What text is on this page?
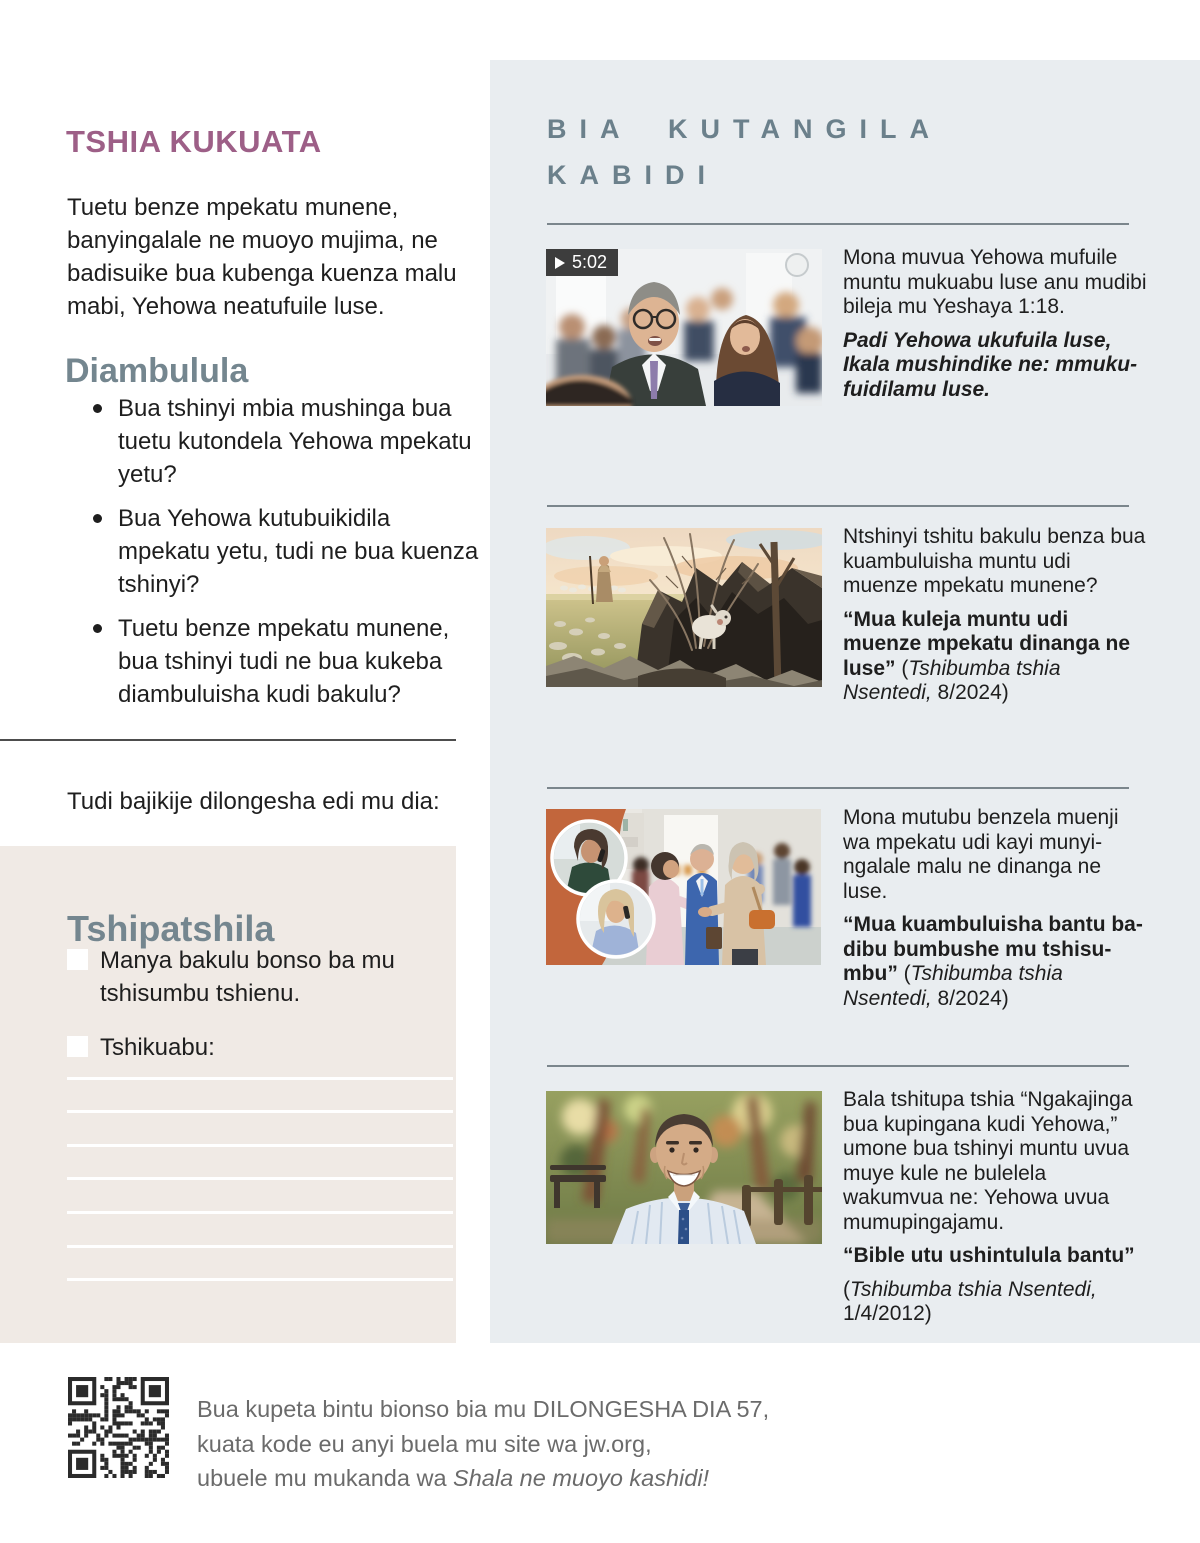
TSHIA KUKUATA

Tuetu benze mpekatu munene, banyingalale ne muoyo mujima, ne badisuike bua kubenga kuenza malu mabi, Yehowa neatufuile luse.

Diambulula
Bua tshinyi mbia mushinga bua tuetu kutondela Yehowa mpekatu yetu?
Bua Yehowa kutubuikidila mpekatu yetu, tudi ne bua kuenza tshinyi?
Tuetu benze mpekatu munene, bua tshinyi tudi ne bua kukeba diambuluisha kudi bakulu?

Tudi bajikije dilongesha edi mu dia:

Tshipatshila
Manya bakulu bonso ba mu tshisumbu tshienu.
Tshikuabu:
BIA KUTANGILA
KABIDI
5:02	Mona muvua Yehowa mufuile muntu mukuabu luse anu mudibi bileja mu Yeshaya 1:18.
Padi Yehowa ukufuila luse, Ikala mushindike ne: mmukufuidilamu luse.
Ntshinyi tshitu bakulu benza bua kuambuluisha muntu udi muenze mpekatu munene?
“Mua kuleja muntu udi muenze mpekatu dinanga ne luse” (Tshibumba tshia Nsentedi, 8/2024)
Mona mutubu benzela muenji wa mpekatu udi kayi munyingalale malu ne dinanga ne luse.
“Mua kuambuluisha bantu badibu bumbushe mu tshisumbu” (Tshibumba tshia Nsentedi, 8/2024)
Bala tshitupa tshia “Ngakajinga bua kupingana kudi Yehowa,” umone bua tshinyi muntu uvua muye kule ne bulelela wakumvua ne: Yehowa uvua mumupingajamu.
“Bible utu ushintulula bantu”
(Tshibumba tshia Nsentedi, 1/4/2012)
Bua kupeta bintu bionso bia mu DILONGESHA DIA 57,
kuata kode eu anyi buela mu site wa jw.org,
ubuele mu mukanda wa Shala ne muoyo kashidi!
